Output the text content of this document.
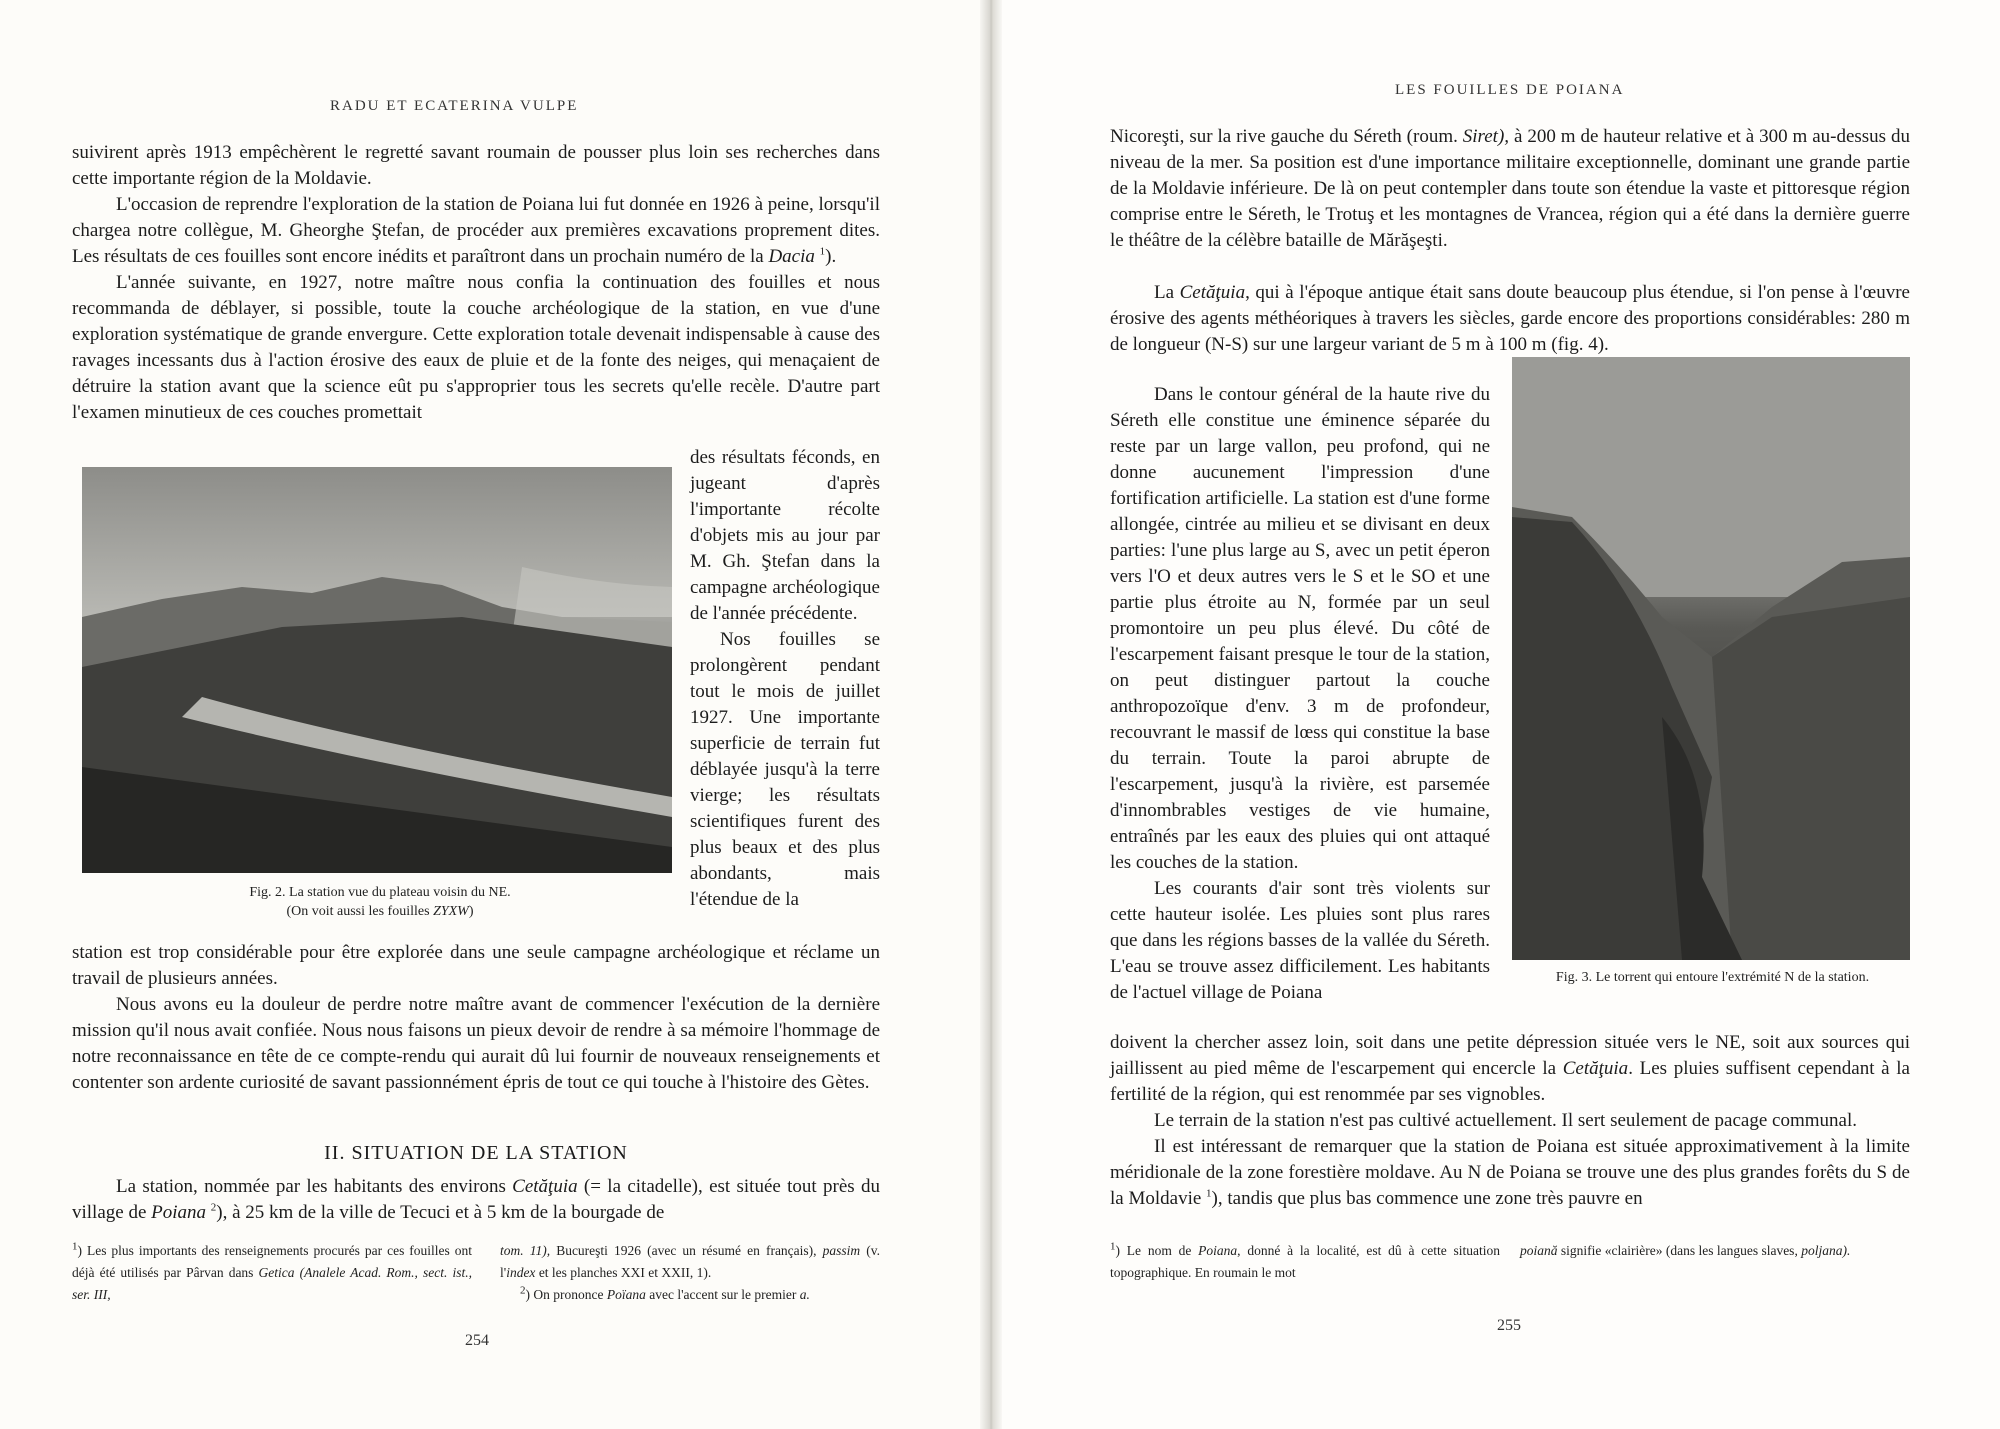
RADU ET ECATERINA VULPE

suivirent après 1913 empêchèrent le regretté savant roumain de pousser plus loin ses recherches dans cette importante région de la Moldavie.

L'occasion de reprendre l'exploration de la station de Poiana lui fut donnée en 1926 à peine, lorsqu'il chargea notre collègue, M. Gheorghe Ştefan, de procéder aux premières excavations proprement dites. Les résultats de ces fouilles sont encore inédits et paraîtront dans un prochain numéro de la Dacia $^1$).

L'année suivante, en 1927, notre maître nous confia la continuation des fouilles et nous recommanda de déblayer, si possible, toute la couche archéologique de la station, en vue d'une exploration systématique de grande envergure. Cette exploration totale devenait indispensable à cause des ravages incessants dus à l'action érosive des eaux de pluie et de la fonte des neiges, qui menaçaient de détruire la station avant que la science eût pu s'approprier tous les secrets qu'elle recèle. D'autre part l'examen minutieux de ces couches promettait

Fig. 2. La station vue du plateau voisin du NE.
(On voit aussi les fouilles ZYXW)

des résultats féconds, en jugeant d'après l'importante récolte d'objets mis au jour par M. Gh. Ştefan dans la campagne archéologique de l'année précédente.

Nos fouilles se prolongèrent pendant tout le mois de juillet 1927. Une importante superficie de terrain fut déblayée jusqu'à la terre vierge; les résultats scientifiques furent des plus beaux et des plus abondants, mais l'étendue de la

station est trop considérable pour être explorée dans une seule campagne archéologique et réclame un travail de plusieurs années.

Nous avons eu la douleur de perdre notre maître avant de commencer l'exécution de la dernière mission qu'il nous avait confiée. Nous nous faisons un pieux devoir de rendre à sa mémoire l'hommage de notre reconnaissance en tête de ce compte-rendu qui aurait dû lui fournir de nouveaux renseignements et contenter son ardente curiosité de savant passionnément épris de tout ce qui touche à l'histoire des Gètes.

II. SITUATION DE LA STATION

La station, nommée par les habitants des environs Cetăţuia (= la citadelle), est située tout près du village de Poiana $^2$), à 25 km de la ville de Tecuci et à 5 km de la bourgade de

$^1$) Les plus importants des renseignements procurés par ces fouilles ont déjà été utilisés par Pârvan dans Getica (Analele Acad. Rom., sect. ist., ser. III,
tom. 11), Bucureşti 1926 (avec un résumé en français), passim (v. l'index et les planches XXI et XXII, 1).
$^2$) On prononce Poïana avec l'accent sur le premier a.
254
LES FOUILLES DE POIANA

Nicoreşti, sur la rive gauche du Séreth (roum. Siret), à 200 m de hauteur relative et à 300 m au-dessus du niveau de la mer. Sa position est d'une importance militaire exceptionnelle, dominant une grande partie de la Moldavie inférieure. De là on peut contempler dans toute son étendue la vaste et pittoresque région comprise entre le Séreth, le Trotuş et les montagnes de Vrancea, région qui a été dans la dernière guerre le théâtre de la célèbre bataille de Mărăşeşti.

La Cetăţuia, qui à l'époque antique était sans doute beaucoup plus étendue, si l'on pense à l'œuvre érosive des agents méthéoriques à travers les siècles, garde encore des proportions considérables: 280 m de longueur (N-S) sur une largeur variant de 5 m à 100 m (fig. 4).

Fig. 3. Le torrent qui entoure l'extrémité N de la station.

Dans le contour général de la haute rive du Séreth elle constitue une éminence séparée du reste par un large vallon, peu profond, qui ne donne aucunement l'impression d'une fortification artificielle. La station est d'une forme allongée, cintrée au milieu et se divisant en deux parties: l'une plus large au S, avec un petit éperon vers l'O et deux autres vers le S et le SO et une partie plus étroite au N, formée par un seul promontoire un peu plus élevé. Du côté de l'escarpement faisant presque le tour de la station, on peut distinguer partout la couche anthropozoïque d'env. 3 m de profondeur, recouvrant le massif de lœss qui constitue la base du terrain. Toute la paroi abrupte de l'escarpement, jusqu'à la rivière, est parsemée d'innombrables vestiges de vie humaine, entraînés par les eaux des pluies qui ont attaqué les couches de la station.

Les courants d'air sont très violents sur cette hauteur isolée. Les pluies sont plus rares que dans les régions basses de la vallée du Séreth. L'eau se trouve assez difficilement. Les habitants de l'actuel village de Poiana

doivent la chercher assez loin, soit dans une petite dépression située vers le NE, soit aux sources qui jaillissent au pied même de l'escarpement qui encercle la Cetăţuia. Les pluies suffisent cependant à la fertilité de la région, qui est renommée par ses vignobles.

Le terrain de la station n'est pas cultivé actuellement. Il sert seulement de pacage communal.

Il est intéressant de remarquer que la station de Poiana est située approximativement à la limite méridionale de la zone forestière moldave. Au N de Poiana se trouve une des plus grandes forêts du S de la Moldavie $^1$), tandis que plus bas commence une zone très pauvre en

$^1$) Le nom de Poiana, donné à la localité, est dû à cette situation topographique. En roumain le mot
poiană signifie «clairière» (dans les langues slaves, poljana).
255
